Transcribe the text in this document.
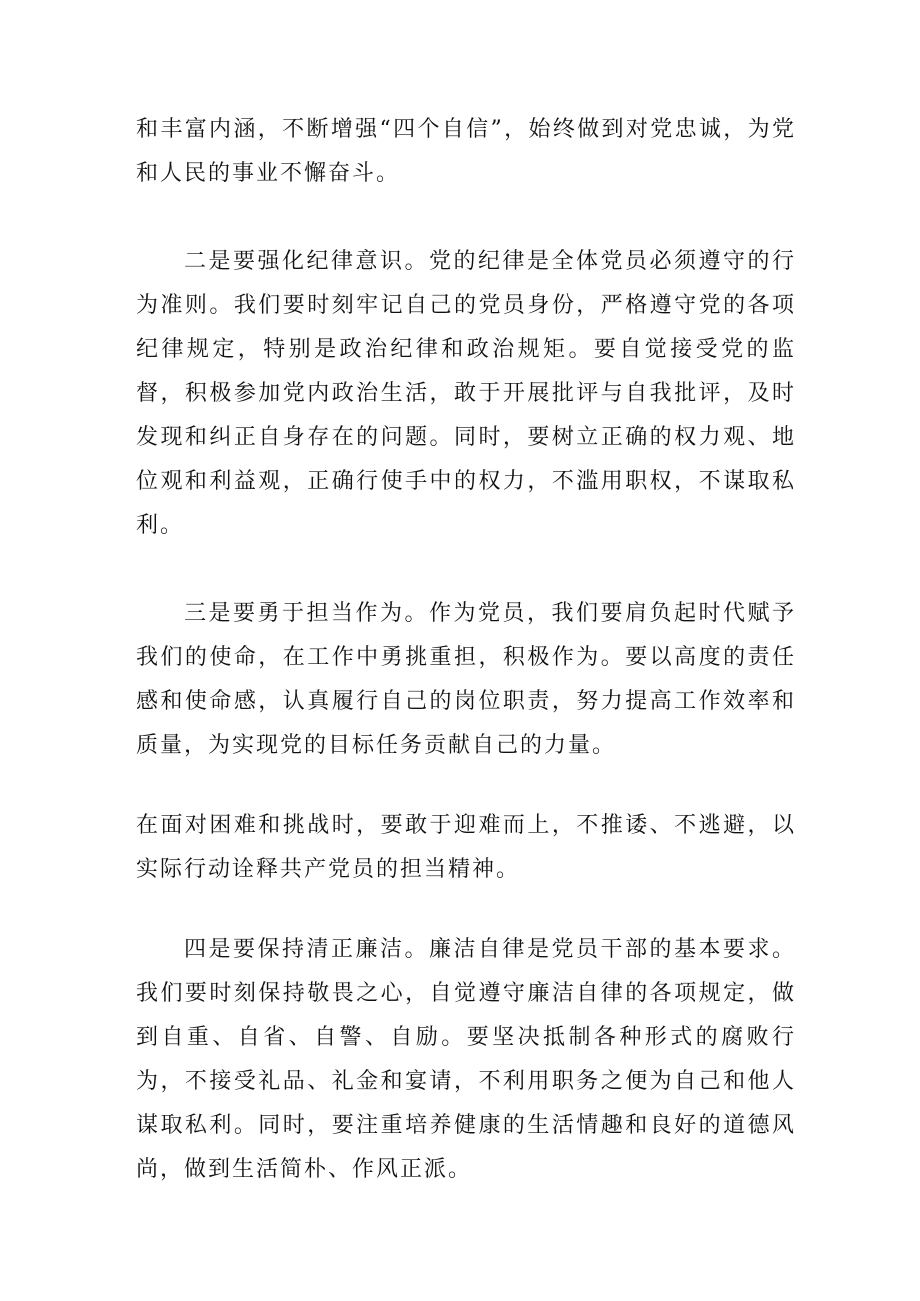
和丰富内涵，不断增强“四个自信”，始终做到对党忠诚，为党和人民的事业不懈奋斗。

二是要强化纪律意识。党的纪律是全体党员必须遵守的行为准则。我们要时刻牢记自己的党员身份，严格遵守党的各项纪律规定，特别是政治纪律和政治规矩。要自觉接受党的监督，积极参加党内政治生活，敢于开展批评与自我批评，及时发现和纠正自身存在的问题。同时，要树立正确的权力观、地位观和利益观，正确行使手中的权力，不滥用职权，不谋取私利。

三是要勇于担当作为。作为党员，我们要肩负起时代赋予我们的使命，在工作中勇挑重担，积极作为。要以高度的责任感和使命感，认真履行自己的岗位职责，努力提高工作效率和质量，为实现党的目标任务贡献自己的力量。

在面对困难和挑战时，要敢于迎难而上，不推诿、不逃避，以实际行动诠释共产党员的担当精神。

四是要保持清正廉洁。廉洁自律是党员干部的基本要求。我们要时刻保持敬畏之心，自觉遵守廉洁自律的各项规定，做到自重、自省、自警、自励。要坚决抵制各种形式的腐败行为，不接受礼品、礼金和宴请，不利用职务之便为自己和他人谋取私利。同时，要注重培养健康的生活情趣和良好的道德风尚，做到生活简朴、作风正派。
